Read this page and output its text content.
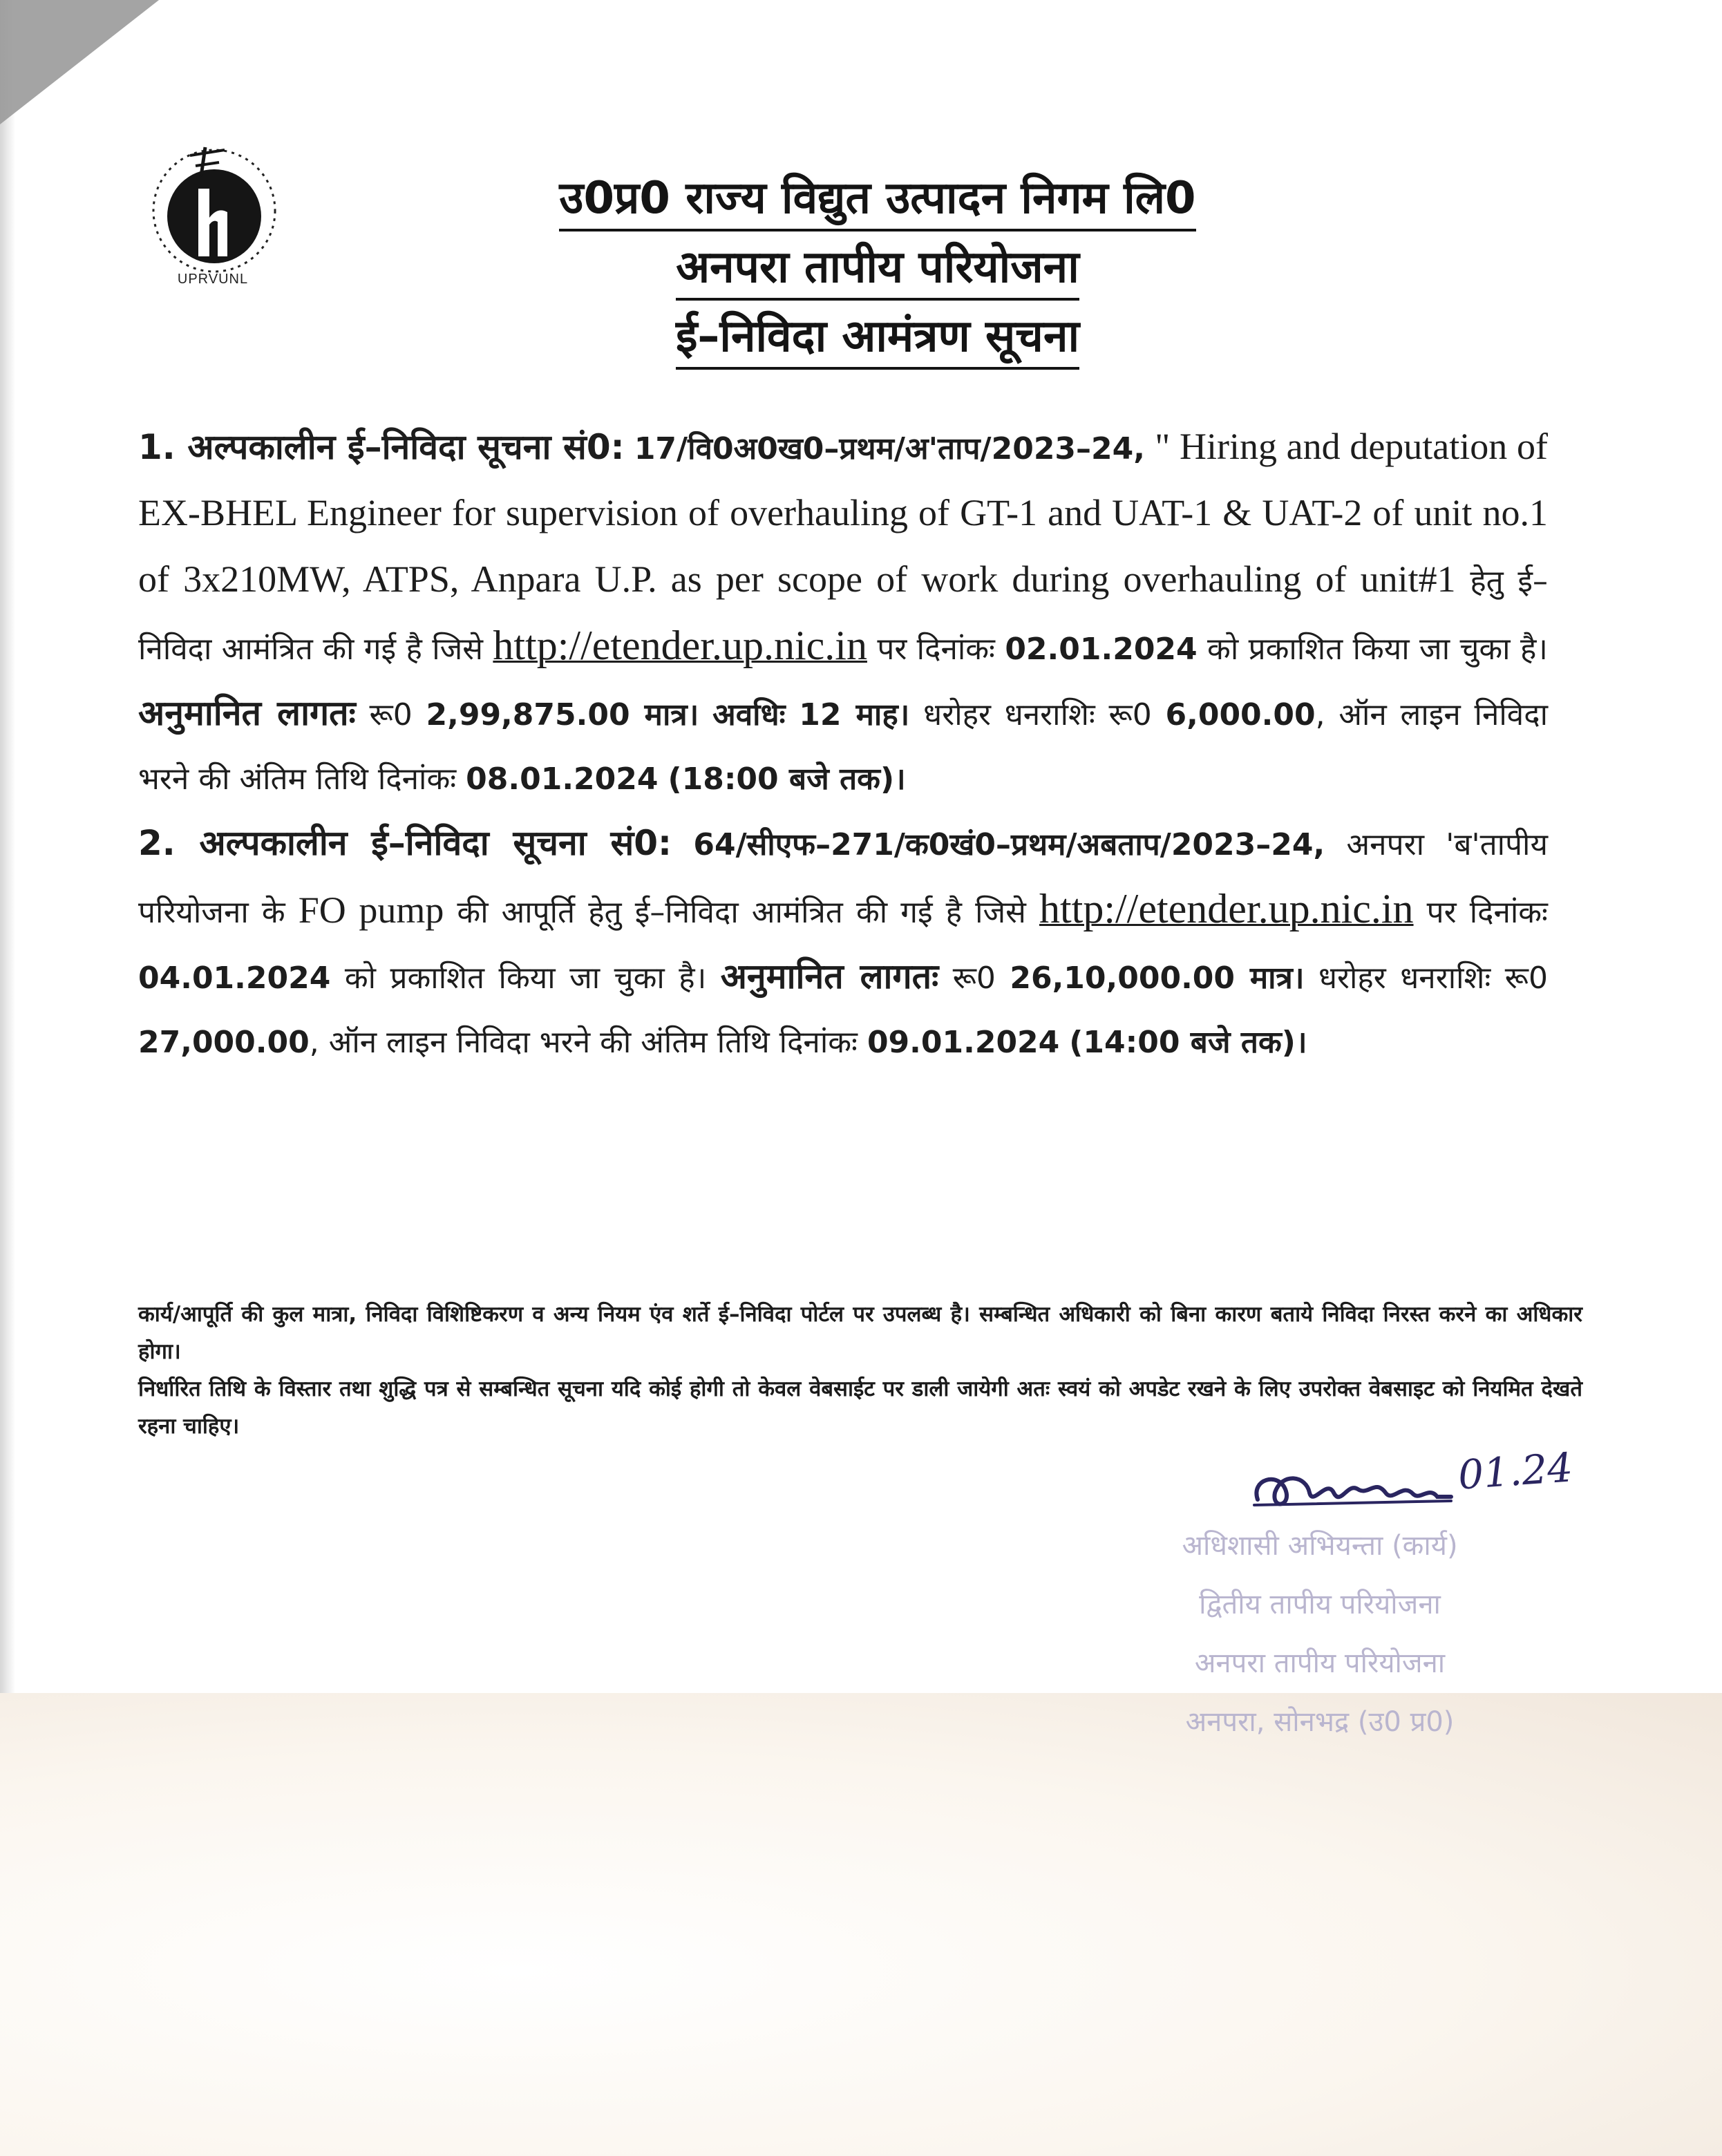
UPRVUNL
उ0प्र0 राज्य विद्युत उत्पादन निगम लि0
अनपरा तापीय परियोजना
ई–निविदा आमंत्रण सूचना

1. अल्पकालीन ई–निविदा सूचना सं0: 17/वि0अ0ख0–प्रथम/अ'ताप/2023–24, " Hiring and deputation of EX-BHEL Engineer for supervision of overhauling of GT-1 and UAT-1 & UAT-2 of unit no.1 of 3x210MW, ATPS, Anpara U.P. as per scope of work during overhauling of unit#1 हेतु ई–निविदा आमंत्रित की गई है जिसे http://etender.up.nic.in पर दिनांकः 02.01.2024 को प्रकाशित किया जा चुका है। अनुमानित लागतः रू0 2,99,875.00 मात्र। अवधिः 12 माह। धरोहर धनराशिः रू0 6,000.00, ऑन लाइन निविदा भरने की अंतिम तिथि दिनांकः 08.01.2024 (18:00 बजे तक)।

2. अल्पकालीन ई–निविदा सूचना सं0: 64/सीएफ–271/क0खं0–प्रथम/अबताप/2023–24, अनपरा 'ब'तापीय परियोजना के FO pump की आपूर्ति हेतु ई–निविदा आमंत्रित की गई है जिसे http://etender.up.nic.in पर दिनांकः 04.01.2024 को प्रकाशित किया जा चुका है। अनुमानित लागतः रू0 26,10,000.00 मात्र। धरोहर धनराशिः रू0 27,000.00, ऑन लाइन निविदा भरने की अंतिम तिथि दिनांकः 09.01.2024 (14:00 बजे तक)।

कार्य/आपूर्ति की कुल मात्रा, निविदा विशिष्टिकरण व अन्य नियम एंव शर्ते ई–निविदा पोर्टल पर उपलब्ध है। सम्बन्धित अधिकारी को बिना कारण बताये निविदा निरस्त करने का अधिकार होगा।

निर्धारित तिथि के विस्तार तथा शुद्धि पत्र से सम्बन्धित सूचना यदि कोई होगी तो केवल वेबसाईट पर डाली जायेगी अतः स्वयं को अपडेट रखने के लिए उपरोक्त वेबसाइट को नियमित देखते रहना चाहिए।

01.24
अधिशासी अभियन्ता (कार्य)
द्वितीय तापीय परियोजना
अनपरा तापीय परियोजना
अनपरा, सोनभद्र (उ0 प्र0)
